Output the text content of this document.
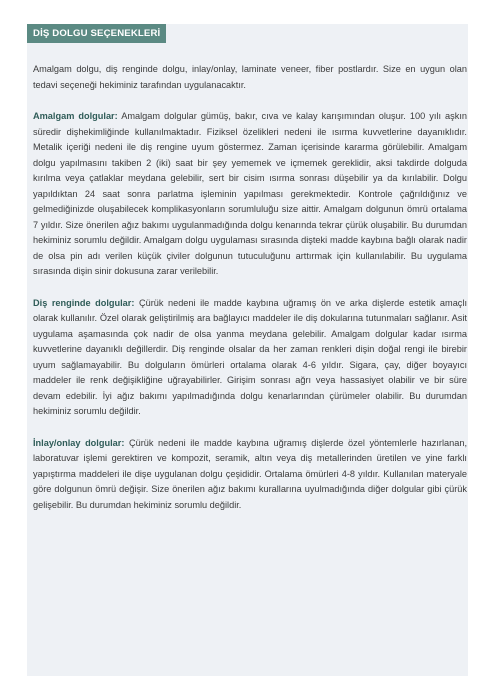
DİŞ DOLGU SEÇENEKLERİ

Amalgam dolgu, diş renginde dolgu, inlay/onlay, laminate veneer, fiber postlardır. Size en uygun olan tedavi seçeneği hekiminiz tarafından uygulanacaktır.

Amalgam dolgular: Amalgam dolgular gümüş, bakır, cıva ve kalay karışımından oluşur. 100 yılı aşkın süredir dişhekimliğinde kullanılmaktadır. Fiziksel özelikleri nedeni ile ısırma kuvvetlerine dayanıklıdır. Metalik içeriği nedeni ile diş rengine uyum göstermez. Zaman içerisinde kararma görülebilir. Amalgam dolgu yapılmasını takiben 2 (iki) saat bir şey yememek ve içmemek gereklidir, aksi takdirde dolguda kırılma veya çatlaklar meydana gelebilir, sert bir cisim ısırma sonrası düşebilir ya da kırılabilir. Dolgu yapıldıktan 24 saat sonra parlatma işleminin yapılması gerekmektedir. Kontrole çağrıldığınız ve gelmediğinizde oluşabilecek komplikasyonların sorumluluğu size aittir. Amalgam dolgunun ömrü ortalama 7 yıldır. Size önerilen ağız bakımı uygulanmadığında dolgu kenarında tekrar çürük oluşabilir. Bu durumdan hekiminiz sorumlu değildir. Amalgam dolgu uygulaması sırasında dişteki madde kaybına bağlı olarak nadir de olsa pin adı verilen küçük çiviler dolgunun tutuculuğunu arttırmak için kullanılabilir. Bu uygulama sırasında dişin sinir dokusuna zarar verilebilir.

Diş renginde dolgular: Çürük nedeni ile madde kaybına uğramış ön ve arka dişlerde estetik amaçlı olarak kullanılır. Özel olarak geliştirilmiş ara bağlayıcı maddeler ile diş dokularına tutunmaları sağlanır. Asit uygulama aşamasında çok nadir de olsa yanma meydana gelebilir. Amalgam dolgular kadar ısırma kuvvetlerine dayanıklı değillerdir. Diş renginde olsalar da her zaman renkleri dişin doğal rengi ile birebir uyum sağlamayabilir. Bu dolguların ömürleri ortalama olarak 4-6 yıldır. Sigara, çay, diğer boyayıcı maddeler ile renk değişikliğine uğrayabilirler. Girişim sonrası ağrı veya hassasiyet olabilir ve bir süre devam edebilir. İyi ağız bakımı yapılmadığında dolgu kenarlarından çürümeler olabilir. Bu durumdan hekiminiz sorumlu değildir.

İnlay/onlay dolgular: Çürük nedeni ile madde kaybına uğramış dişlerde özel yöntemlerle hazırlanan, laboratuvar işlemi gerektiren ve kompozit, seramik, altın veya diş metallerinden üretilen ve yine farklı yapıştırma maddeleri ile dişe uygulanan dolgu çeşididir. Ortalama ömürleri 4-8 yıldır. Kullanılan materyale göre dolgunun ömrü değişir. Size önerilen ağız bakımı kurallarına uyulmadığında diğer dolgular gibi çürük gelişebilir. Bu durumdan hekiminiz sorumlu değildir.
